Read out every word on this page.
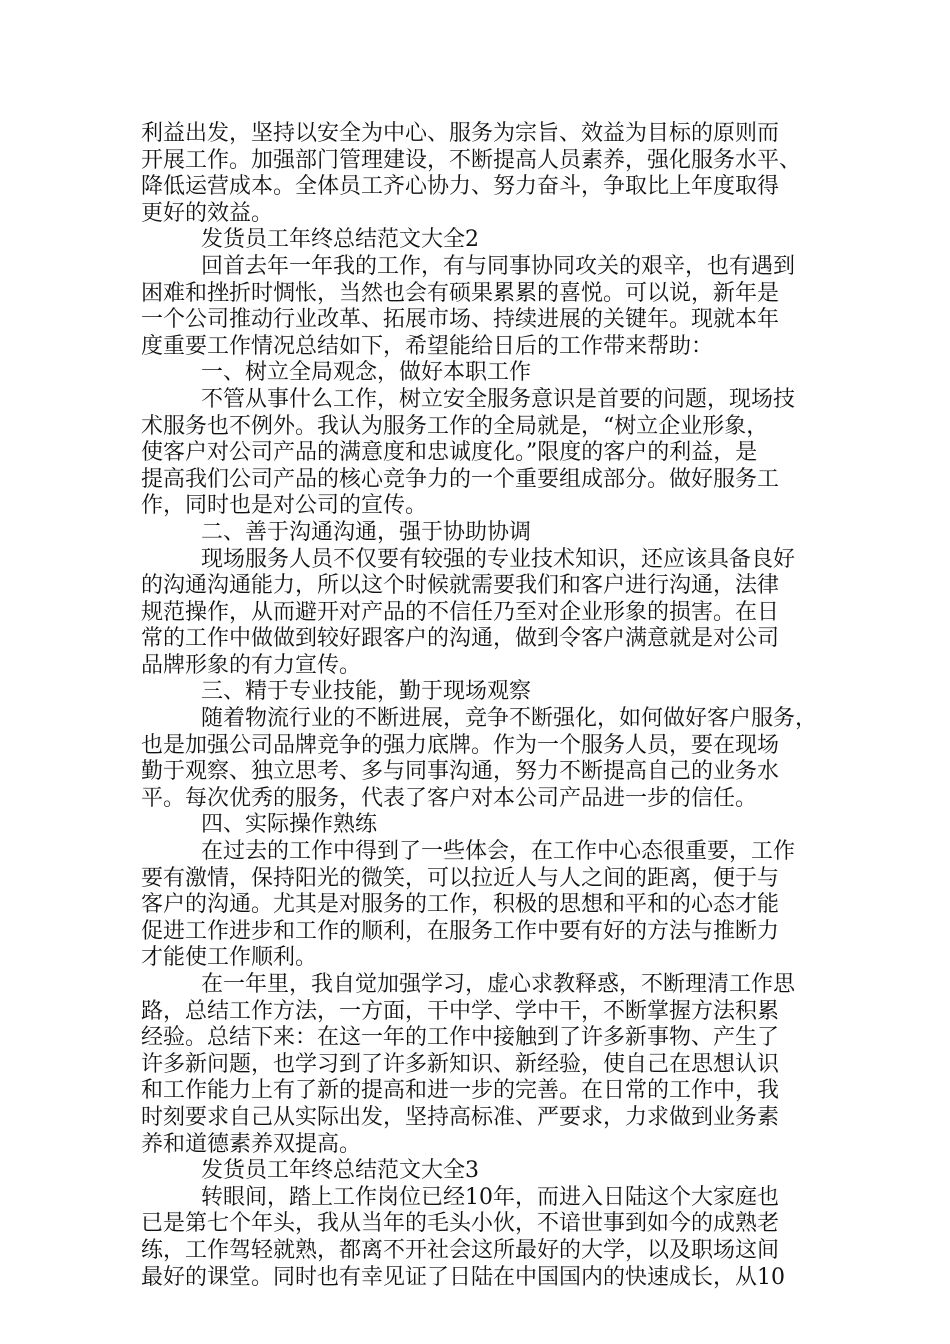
利益出发，坚持以安全为中心、服务为宗旨、效益为目标的原则而
开展工作。加强部门管理建设，不断提高人员素养，强化服务水平、
降低运营成本。全体员工齐心协力、努力奋斗，争取比上年度取得
更好的效益。
发货员工年终总结范文大全2
回首去年一年我的工作，有与同事协同攻关的艰辛，也有遇到
困难和挫折时惆怅，当然也会有硕果累累的喜悦。可以说，新年是
一个公司推动行业改革、拓展市场、持续进展的关键年。现就本年
度重要工作情况总结如下，希望能给日后的工作带来帮助：
一、树立全局观念，做好本职工作
不管从事什么工作，树立安全服务意识是首要的问题，现场技
术服务也不例外。我认为服务工作的全局就是，“树立企业形象，
使客户对公司产品的满意度和忠诚度化。”限度的客户的利益，是
提高我们公司产品的核心竞争力的一个重要组成部分。做好服务工
作，同时也是对公司的宣传。
二、善于沟通沟通，强于协助协调
现场服务人员不仅要有较强的专业技术知识，还应该具备良好
的沟通沟通能力，所以这个时候就需要我们和客户进行沟通，法律
规范操作，从而避开对产品的不信任乃至对企业形象的损害。在日
常的工作中做做到较好跟客户的沟通，做到令客户满意就是对公司
品牌形象的有力宣传。
三、精于专业技能，勤于现场观察
随着物流行业的不断进展，竞争不断强化，如何做好客户服务，
也是加强公司品牌竞争的强力底牌。作为一个服务人员，要在现场
勤于观察、独立思考、多与同事沟通，努力不断提高自己的业务水
平。每次优秀的服务，代表了客户对本公司产品进一步的信任。
四、实际操作熟练
在过去的工作中得到了一些体会，在工作中心态很重要，工作
要有激情，保持阳光的微笑，可以拉近人与人之间的距离，便于与
客户的沟通。尤其是对服务的工作，积极的思想和平和的心态才能
促进工作进步和工作的顺利，在服务工作中要有好的方法与推断力
才能使工作顺利。
在一年里，我自觉加强学习，虚心求教释惑，不断理清工作思
路，总结工作方法，一方面，干中学、学中干，不断掌握方法积累
经验。总结下来：在这一年的工作中接触到了许多新事物、产生了
许多新问题，也学习到了许多新知识、新经验，使自己在思想认识
和工作能力上有了新的提高和进一步的完善。在日常的工作中，我
时刻要求自己从实际出发，坚持高标准、严要求，力求做到业务素
养和道德素养双提高。
发货员工年终总结范文大全3
转眼间，踏上工作岗位已经10年，而进入日陆这个大家庭也
已是第七个年头，我从当年的毛头小伙，不谙世事到如今的成熟老
练，工作驾轻就熟，都离不开社会这所最好的大学，以及职场这间
最好的课堂。同时也有幸见证了日陆在中国国内的快速成长，从10
